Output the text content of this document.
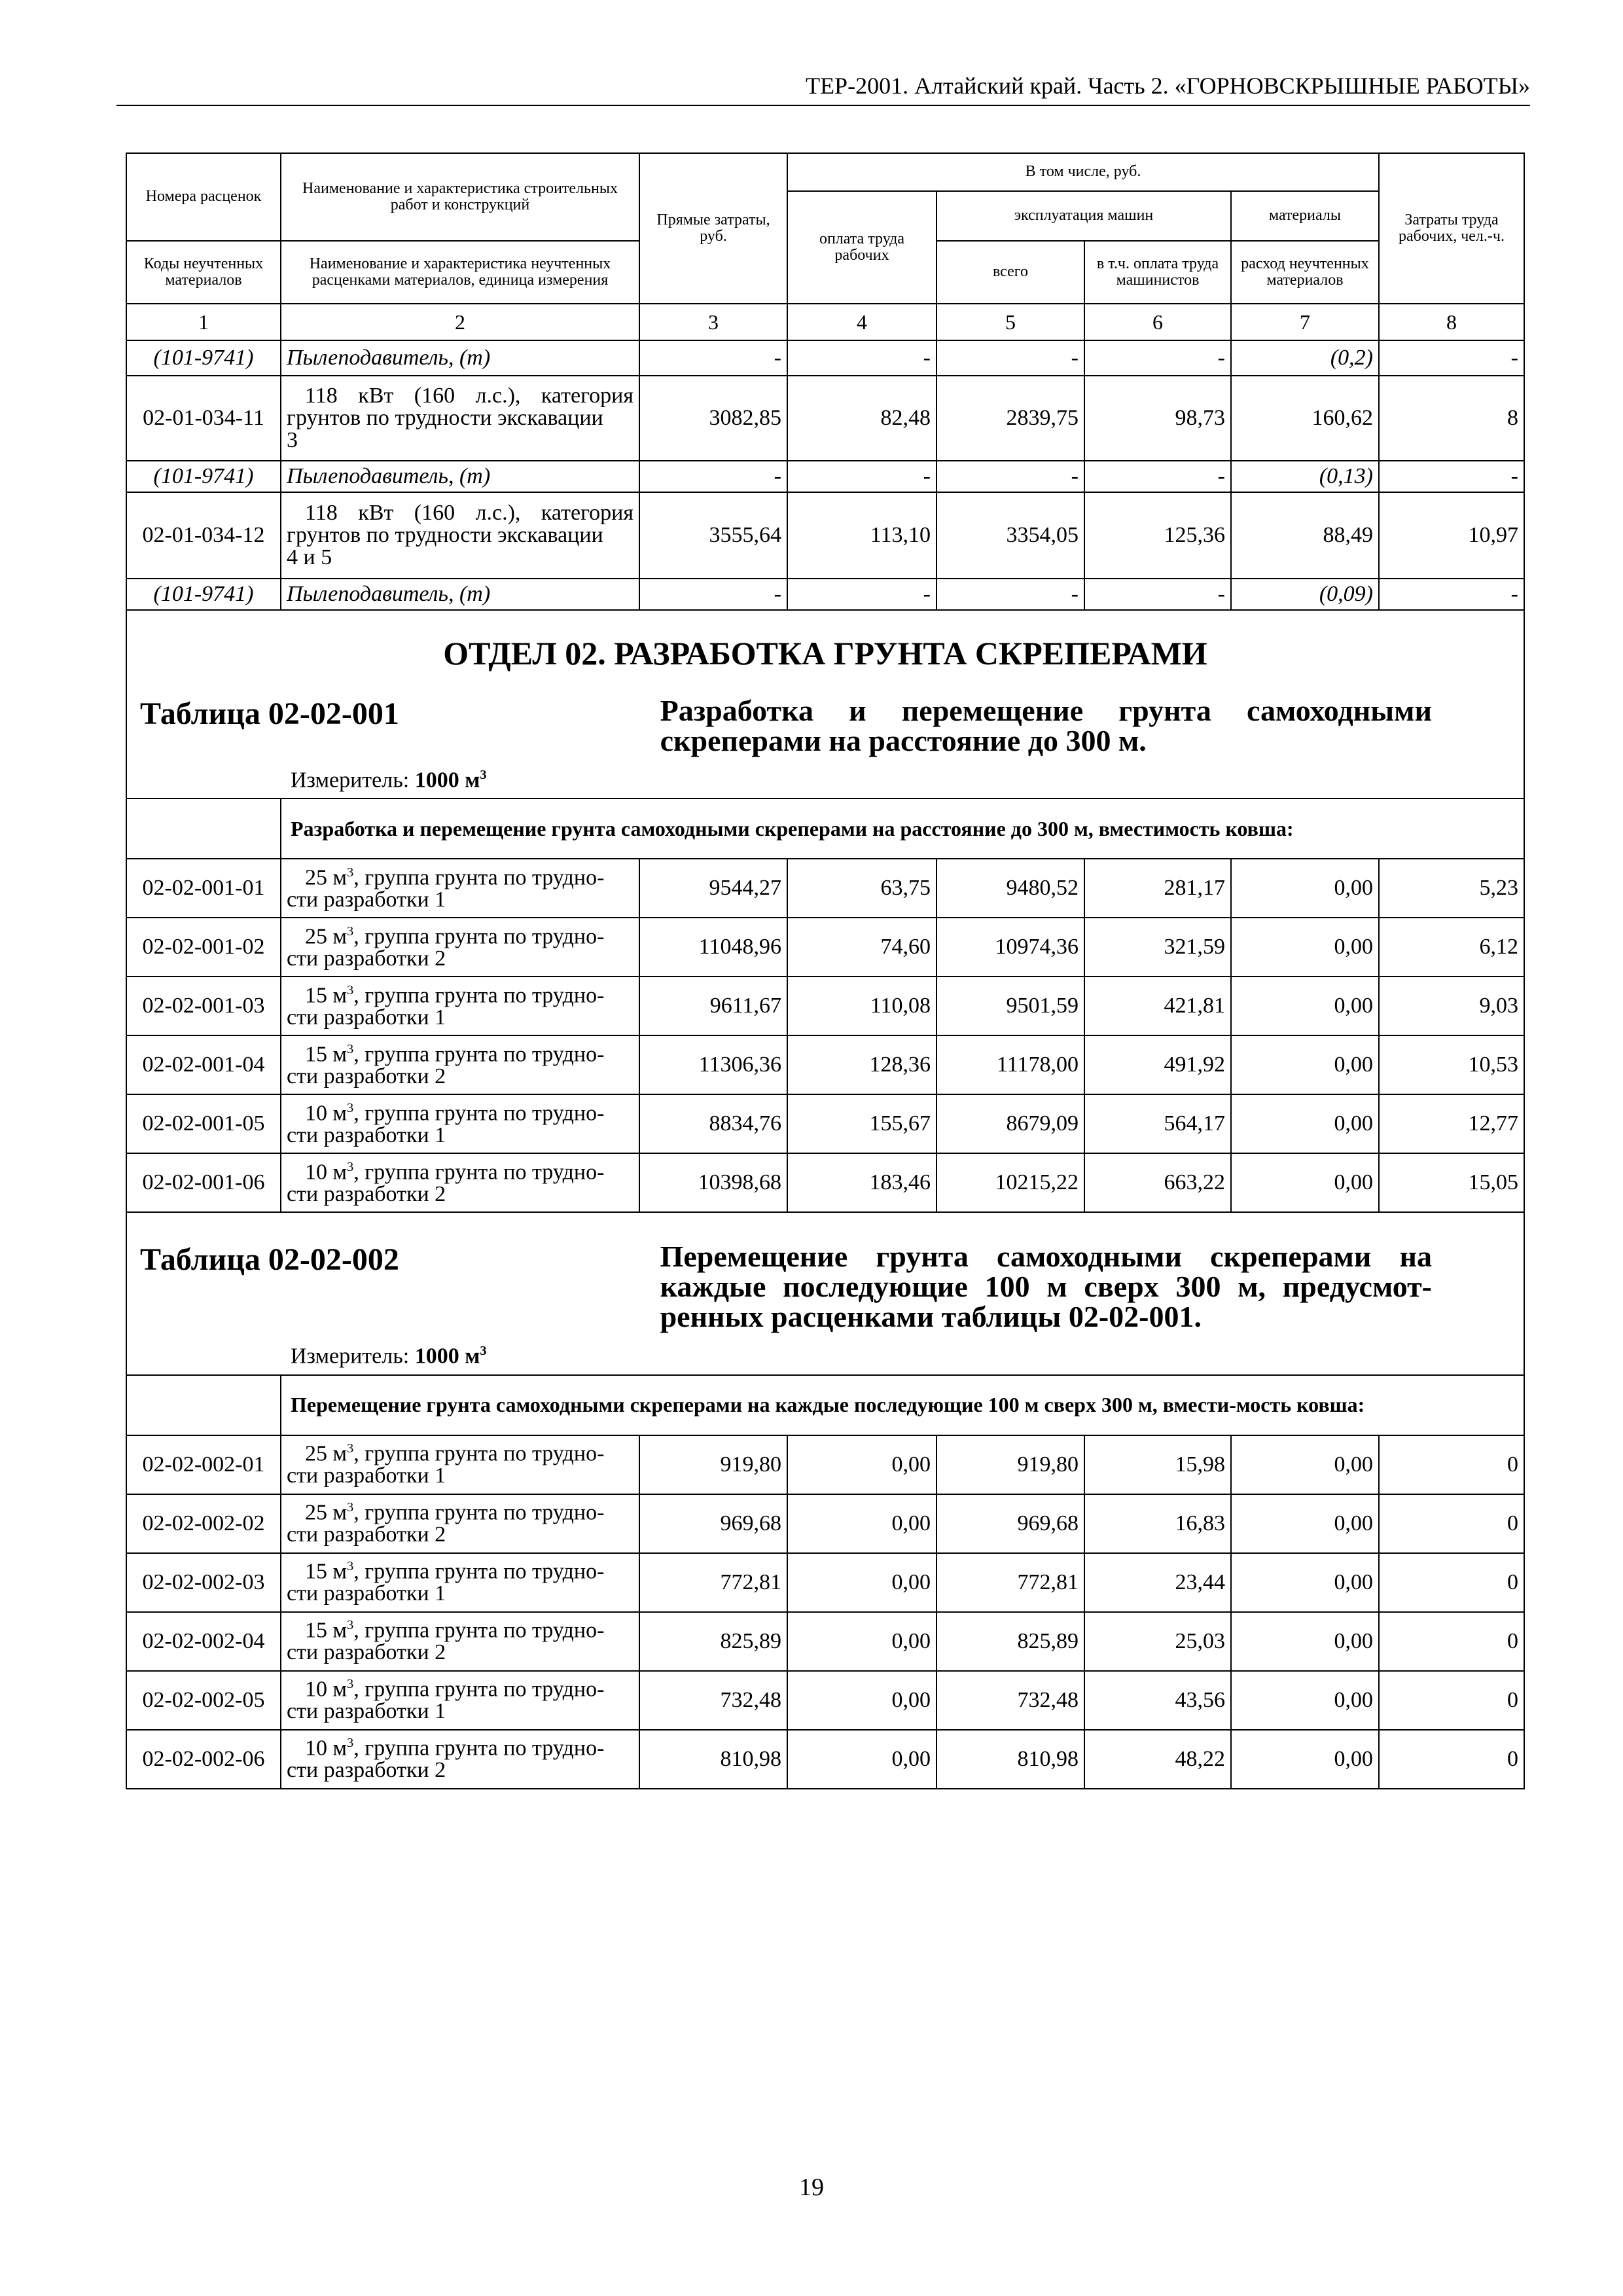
ТЕР-2001. Алтайский край. Часть 2. «ГОРНОВСКРЫШНЫЕ РАБОТЫ»
Номера расценок	Наименование и характеристика строительных работ и конструкций	Прямые затраты, руб.	В том числе, руб.				Затраты труда рабочих, чел.-ч.
			оплата труда рабочих	эксплуатация машин		материалы	
Коды неучтенных материалов	Наименование и характеристика неучтенных расценками материалов, единица измерения			всего	в т.ч. оплата труда машинистов	расход неучтенных материалов	
1	2	3	4	5	6	7	8
(101-9741)	Пылеподавитель, (т)	-	-	-	-	(0,2)	-
02-01-034-11	118 кВт (160 л.с.), категория
грунтов по трудности экскавации
3	3082,85	82,48	2839,75	98,73	160,62	8
(101-9741)	Пылеподавитель, (т)	-	-	-	-	(0,13)	-
02-01-034-12	118 кВт (160 л.с.), категория
грунтов по трудности экскавации
4 и 5	3555,64	113,10	3354,05	125,36	88,49	10,97
(101-9741)	Пылеподавитель, (т)	-	-	-	-	(0,09)	-

ОТДЕЛ 02. РАЗРАБОТКА ГРУНТА СКРЕПЕРАМИ
Таблица 02-02-001 Разработка и перемещение грунта самоходными скреперами на расстояние до 300 м.
Измеритель: 1000 $м^3$

	Разработка и перемещение грунта самоходными скреперами на расстояние до 300 м, вместимость ковша:						

02-02-001-01	25 $м^3$, группа грунта по трудно-
сти разработки 1	9544,27	63,75	9480,52	281,17	0,00	5,23
02-02-001-02	25 $м^3$, группа грунта по трудно-
сти разработки 2	11048,96	74,60	10974,36	321,59	0,00	6,12
02-02-001-03	15 $м^3$, группа грунта по трудно-
сти разработки 1	9611,67	110,08	9501,59	421,81	0,00	9,03
02-02-001-04	15 $м^3$, группа грунта по трудно-
сти разработки 2	11306,36	128,36	11178,00	491,92	0,00	10,53
02-02-001-05	10 $м^3$, группа грунта по трудно-
сти разработки 1	8834,76	155,67	8679,09	564,17	0,00	12,77
02-02-001-06	10 $м^3$, группа грунта по трудно-
сти разработки 2	10398,68	183,46	10215,22	663,22	0,00	15,05

Таблица 02-02-002 Перемещение грунта самоходными скреперами на каждые последующие 100 м сверх 300 м, предусмот-ренных расценками таблицы 02-02-001.
Измеритель: 1000 $м^3$

	Перемещение грунта самоходными скреперами на каждые последующие 100 м сверх 300 м, вмести-мость ковша:						

02-02-002-01	25 $м^3$, группа грунта по трудно-
сти разработки 1	919,80	0,00	919,80	15,98	0,00	0
02-02-002-02	25 $м^3$, группа грунта по трудно-
сти разработки 2	969,68	0,00	969,68	16,83	0,00	0
02-02-002-03	15 $м^3$, группа грунта по трудно-
сти разработки 1	772,81	0,00	772,81	23,44	0,00	0
02-02-002-04	15 $м^3$, группа грунта по трудно-
сти разработки 2	825,89	0,00	825,89	25,03	0,00	0
02-02-002-05	10 $м^3$, группа грунта по трудно-
сти разработки 1	732,48	0,00	732,48	43,56	0,00	0
02-02-002-06	10 $м^3$, группа грунта по трудно-
сти разработки 2	810,98	0,00	810,98	48,22	0,00	0
19
